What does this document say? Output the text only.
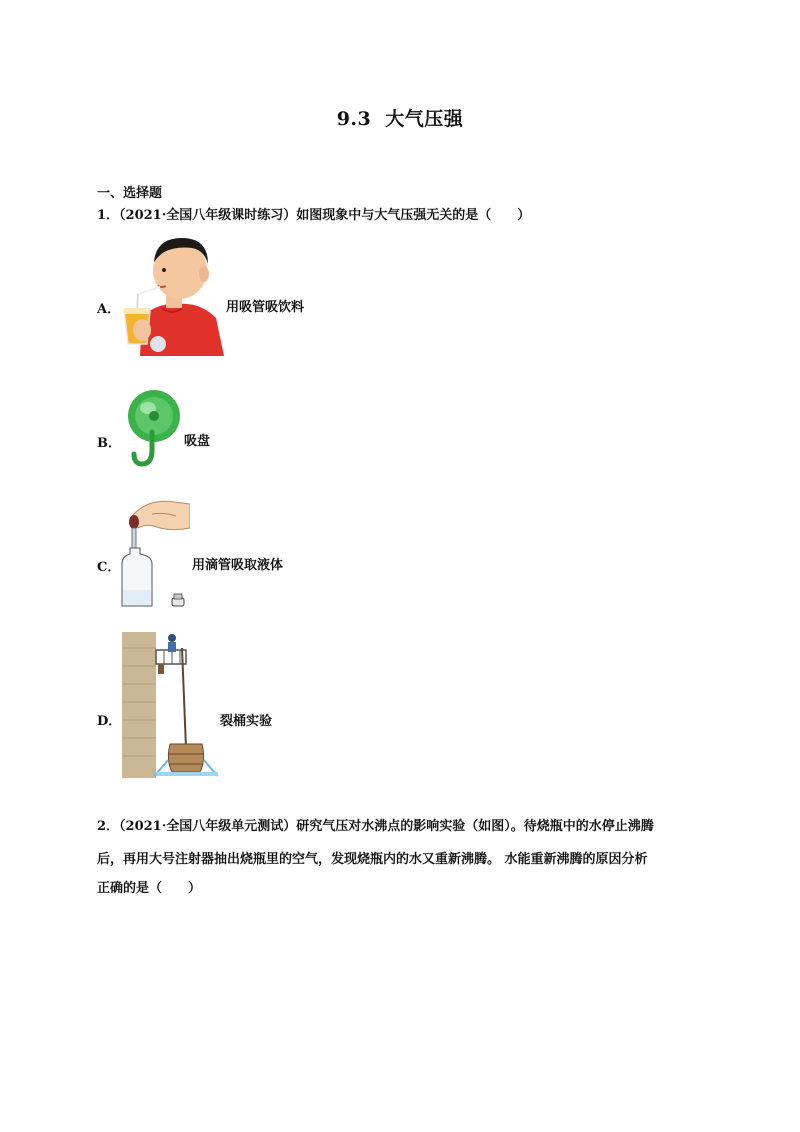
9.3 大气压强
一、选择题
1．（2021·全国八年级课时练习）如图现象中与大气压强无关的是（　　）
A．	用吸管吸饮料
B．	吸盘
C．	用滴管吸取液体
D．	裂桶实验
2．（2021·全国八年级单元测试）研究气压对水沸点的影响实验（如图）。待烧瓶中的水停止沸腾
后，再用大号注射器抽出烧瓶里的空气，发现烧瓶内的水又重新沸腾。 水能重新沸腾的原因分析
正确的是（　　）
